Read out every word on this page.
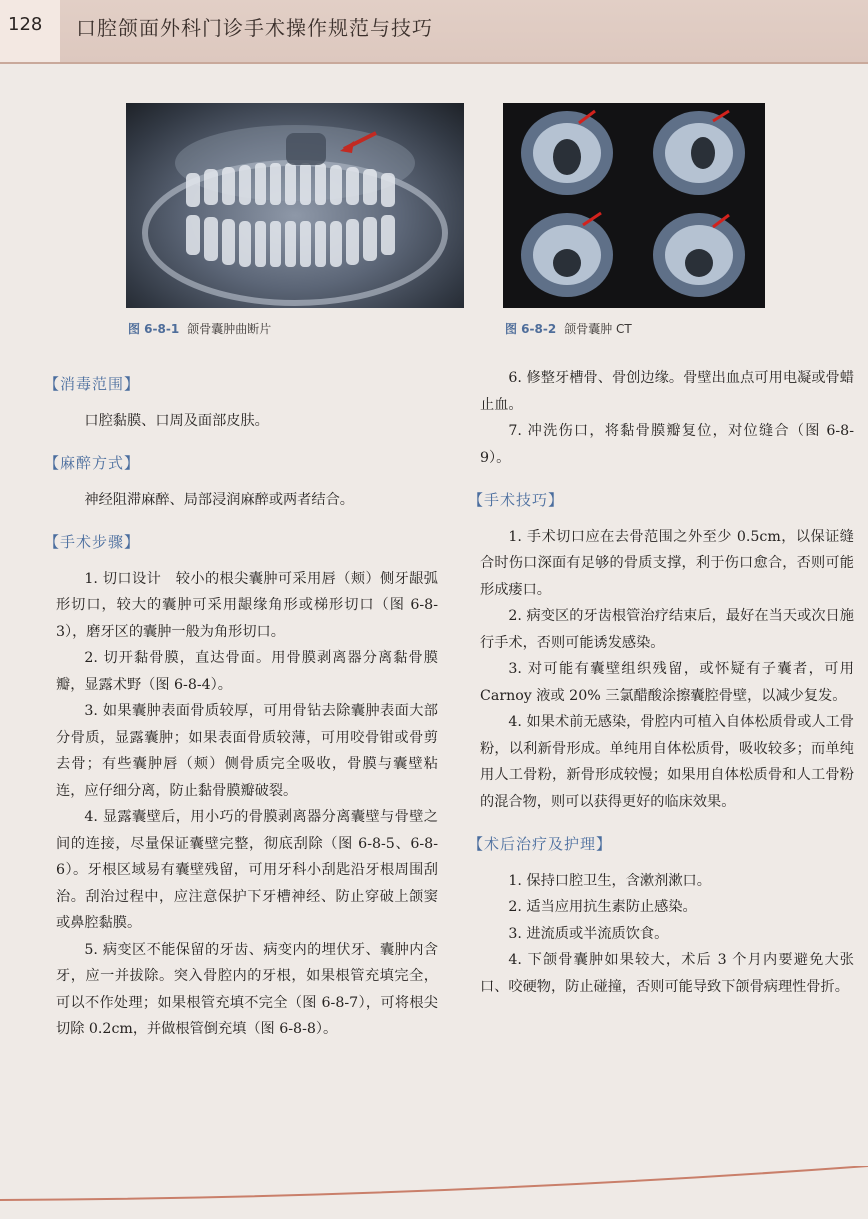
128 口腔颌面外科门诊手术操作规范与技巧
图 6-8-1 颌骨囊肿曲断片	图 6-8-2 颌骨囊肿 CT
【消毒范围】

口腔黏膜、口周及面部皮肤。

【麻醉方式】

神经阻滞麻醉、局部浸润麻醉或两者结合。

【手术步骤】

1. 切口设计　较小的根尖囊肿可采用唇（颊）侧牙龈弧形切口，较大的囊肿可采用龈缘角形或梯形切口（图 6-8-3），磨牙区的囊肿一般为角形切口。

2. 切开黏骨膜，直达骨面。用骨膜剥离器分离黏骨膜瓣，显露术野（图 6-8-4）。

3. 如果囊肿表面骨质较厚，可用骨钻去除囊肿表面大部分骨质，显露囊肿；如果表面骨质较薄，可用咬骨钳或骨剪去骨；有些囊肿唇（颊）侧骨质完全吸收，骨膜与囊壁粘连，应仔细分离，防止黏骨膜瓣破裂。

4. 显露囊壁后，用小巧的骨膜剥离器分离囊壁与骨壁之间的连接，尽量保证囊壁完整，彻底刮除（图 6-8-5、6-8-6）。牙根区域易有囊壁残留，可用牙科小刮匙沿牙根周围刮治。刮治过程中，应注意保护下牙槽神经、防止穿破上颌窦或鼻腔黏膜。

5. 病变区不能保留的牙齿、病变内的埋伏牙、囊肿内含牙，应一并拔除。突入骨腔内的牙根，如果根管充填完全，可以不作处理；如果根管充填不完全（图 6-8-7），可将根尖切除 0.2cm，并做根管倒充填（图 6-8-8）。

6. 修整牙槽骨、骨创边缘。骨壁出血点可用电凝或骨蜡止血。

7. 冲洗伤口，将黏骨膜瓣复位，对位缝合（图 6-8-9）。

【手术技巧】

1. 手术切口应在去骨范围之外至少 0.5cm，以保证缝合时伤口深面有足够的骨质支撑，利于伤口愈合，否则可能形成瘘口。

2. 病变区的牙齿根管治疗结束后，最好在当天或次日施行手术，否则可能诱发感染。

3. 对可能有囊壁组织残留，或怀疑有子囊者，可用 Carnoy 液或 20% 三氯醋酸涂擦囊腔骨壁，以减少复发。

4. 如果术前无感染，骨腔内可植入自体松质骨或人工骨粉，以利新骨形成。单纯用自体松质骨，吸收较多；而单纯用人工骨粉，新骨形成较慢；如果用自体松质骨和人工骨粉的混合物，则可以获得更好的临床效果。

【术后治疗及护理】

1. 保持口腔卫生，含漱剂漱口。

2. 适当应用抗生素防止感染。

3. 进流质或半流质饮食。

4. 下颌骨囊肿如果较大，术后 3 个月内要避免大张口、咬硬物，防止碰撞，否则可能导致下颌骨病理性骨折。
